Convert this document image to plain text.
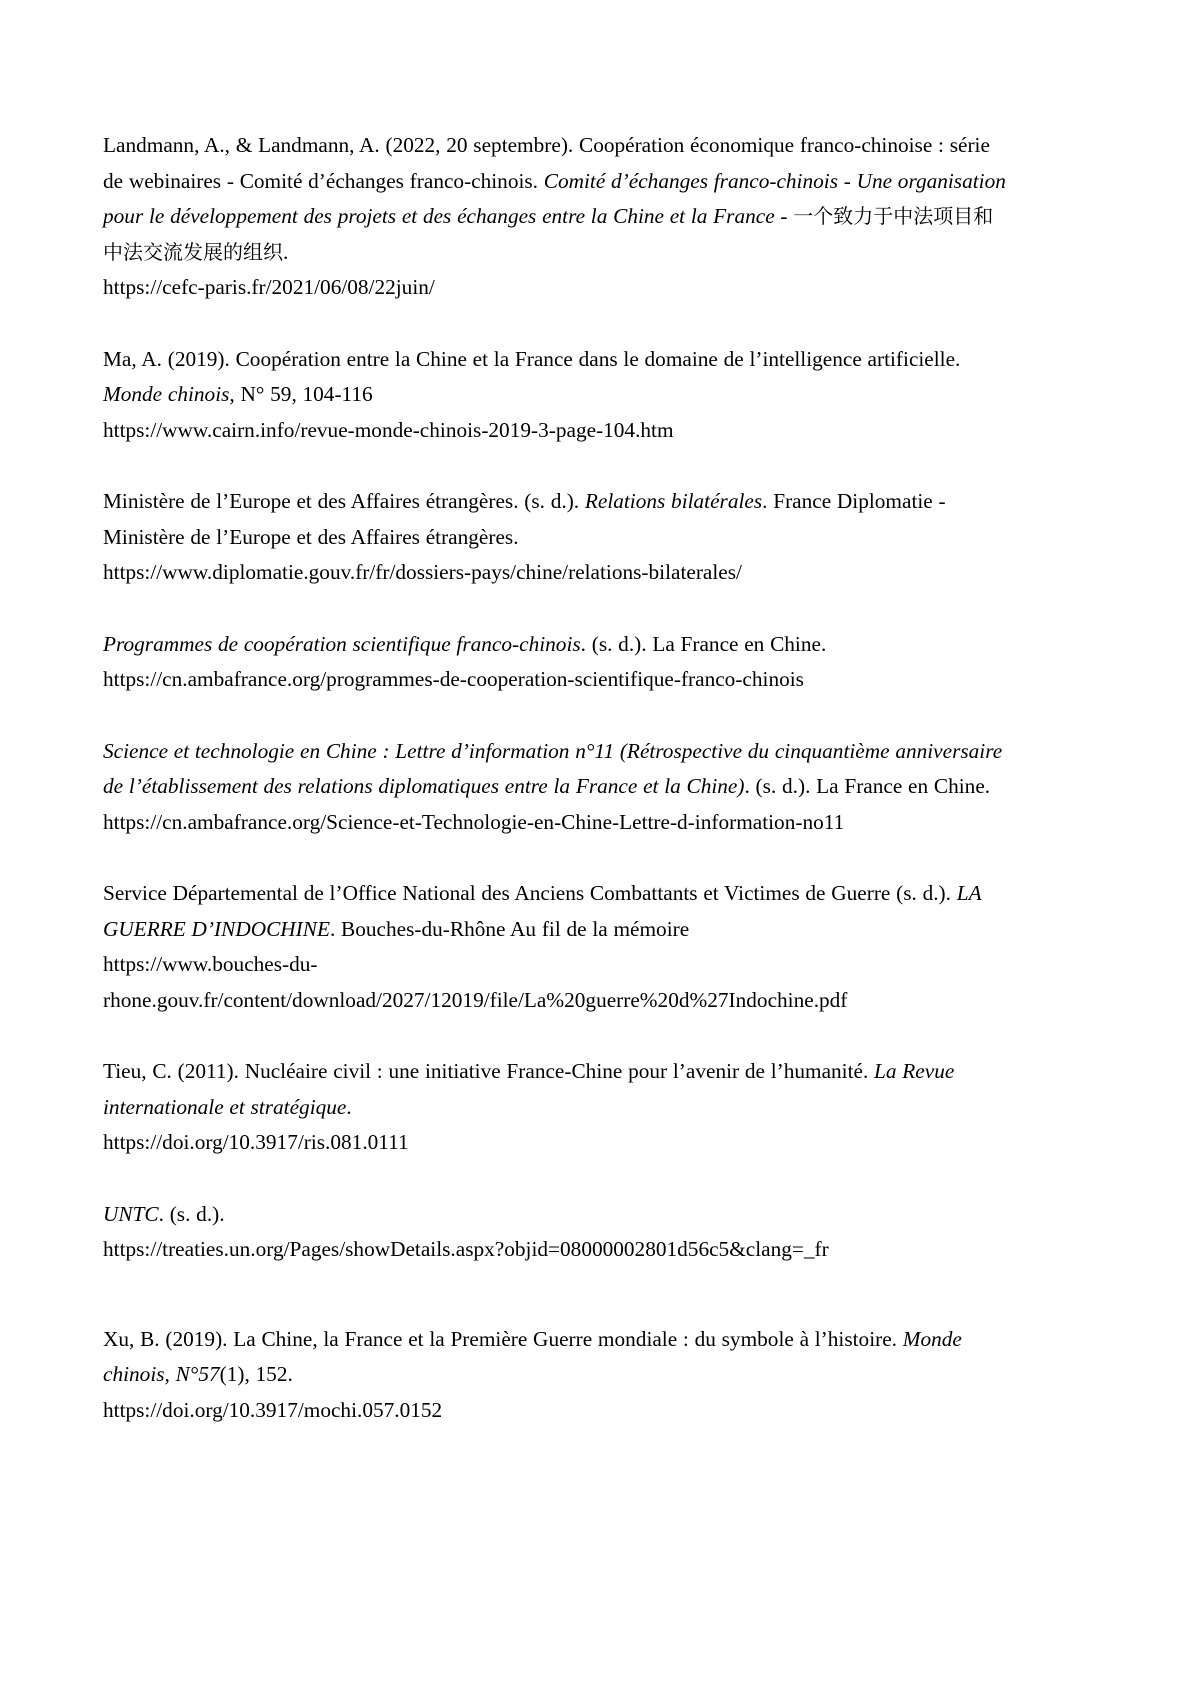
Landmann, A., & Landmann, A. (2022, 20 septembre). Coopération économique franco-chinoise : série de webinaires - Comité d’échanges franco-chinois. Comité d’échanges franco-chinois - Une organisation pour le développement des projets et des échanges entre la Chine et la France - 一个致力于中法项目和中法交流发展的组织.
https://cefc-paris.fr/2021/06/08/22juin/

Ma, A. (2019). Coopération entre la Chine et la France dans le domaine de l’intelligence artificielle. Monde chinois, N° 59, 104-116
https://www.cairn.info/revue-monde-chinois-2019-3-page-104.htm

Ministère de l’Europe et des Affaires étrangères. (s. d.). Relations bilatérales. France Diplomatie - Ministère de l’Europe et des Affaires étrangères.
https://www.diplomatie.gouv.fr/fr/dossiers-pays/chine/relations-bilaterales/

Programmes de coopération scientifique franco-chinois. (s. d.). La France en Chine.
https://cn.ambafrance.org/programmes-de-cooperation-scientifique-franco-chinois

Science et technologie en Chine : Lettre d’information n°11 (Rétrospective du cinquantième anniversaire de l’établissement des relations diplomatiques entre la France et la Chine). (s. d.). La France en Chine.
https://cn.ambafrance.org/Science-et-Technologie-en-Chine-Lettre-d-information-no11

Service Départemental de l’Office National des Anciens Combattants et Victimes de Guerre (s. d.). LA GUERRE D’INDOCHINE. Bouches-du-Rhône Au fil de la mémoire
https://www.bouches-du-rhone.gouv.fr/content/download/2027/12019/file/La%20guerre%20d%27Indochine.pdf

Tieu, C. (2011). Nucléaire civil : une initiative France-Chine pour l’avenir de l’humanité. La Revue internationale et stratégique.
https://doi.org/10.3917/ris.081.0111

UNTC. (s. d.).
https://treaties.un.org/Pages/showDetails.aspx?objid=08000002801d56c5&clang=_fr

Xu, B. (2019). La Chine, la France et la Première Guerre mondiale : du symbole à l’histoire. Monde chinois, N°57(1), 152.
https://doi.org/10.3917/mochi.057.0152
